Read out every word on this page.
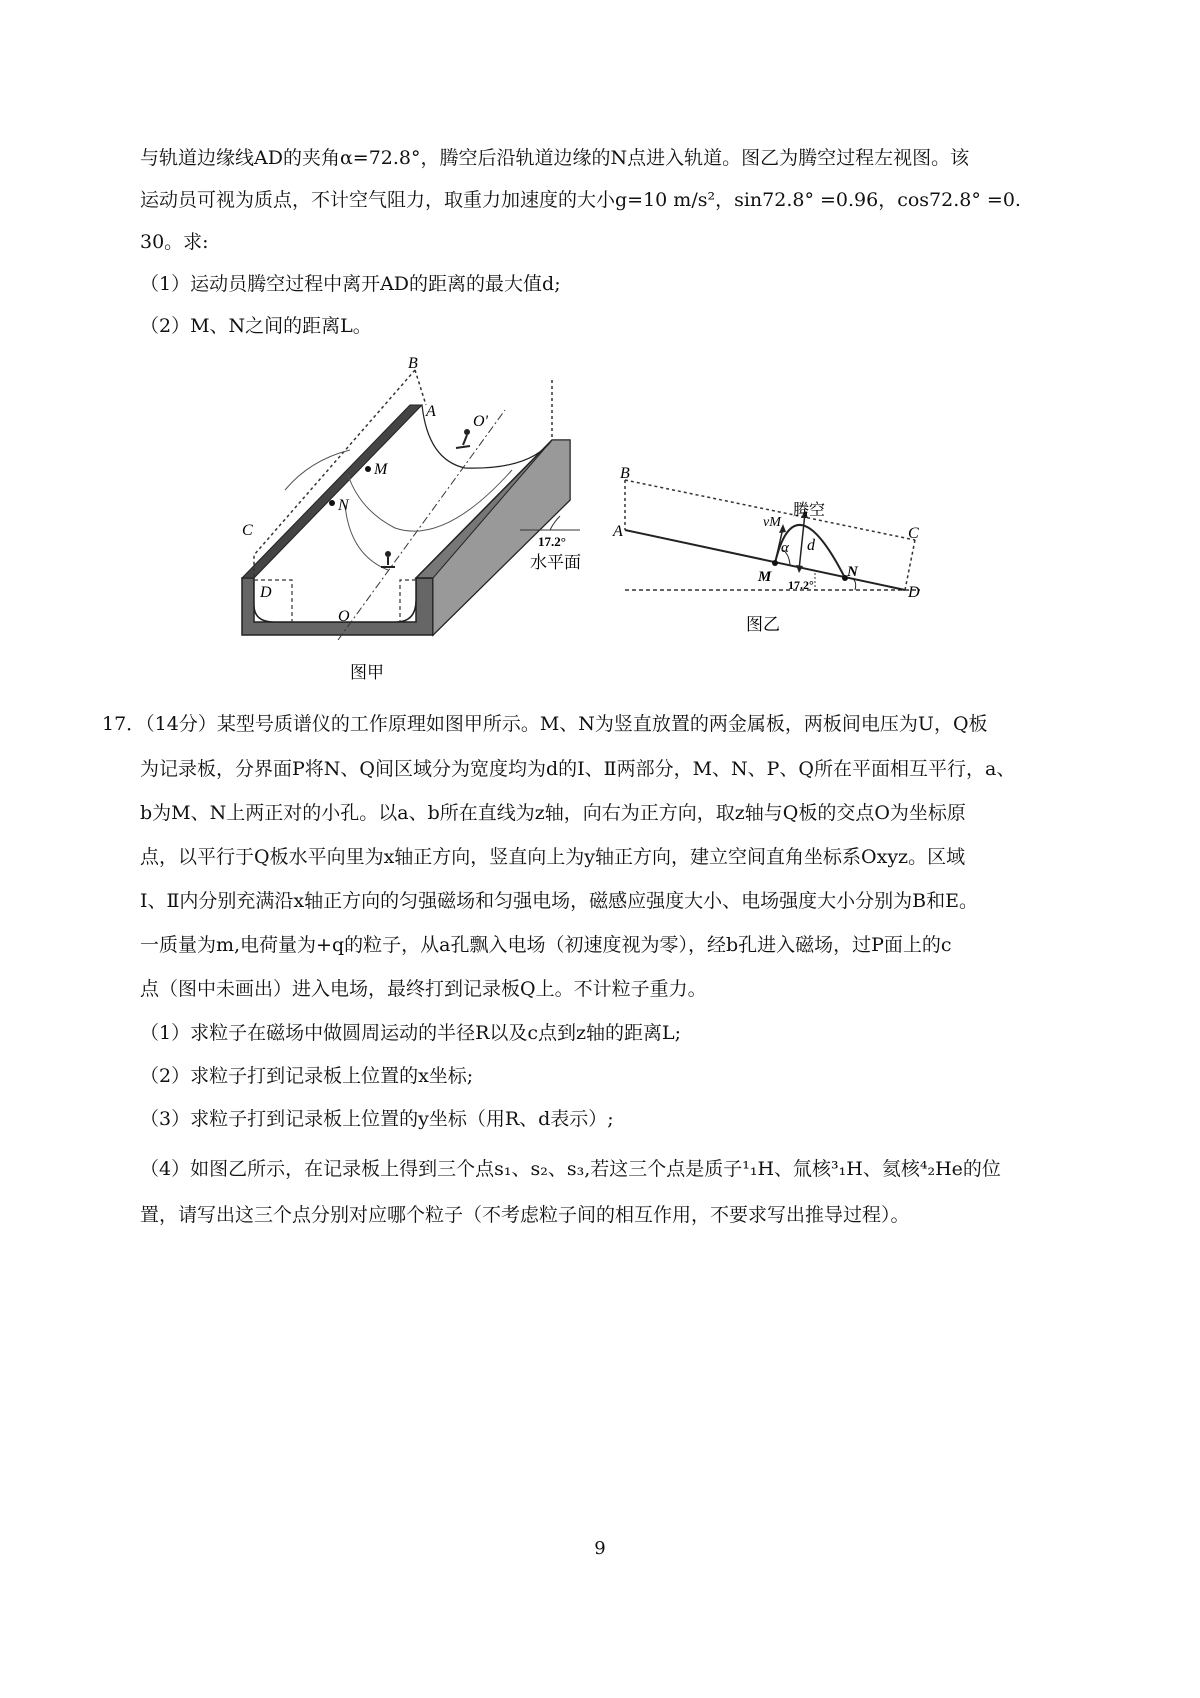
与轨道边缘线AD的夹角α=72.8°，腾空后沿轨道边缘的N点进入轨道。图乙为腾空过程左视图。该
运动员可视为质点，不计空气阻力，取重力加速度的大小g=10 m/s²，sin72.8° =0.96，cos72.8° =0.
30。求:
（1）运动员腾空过程中离开AD的距离的最大值d;
（2）M、N之间的距离L。
B
A
O'
M
N
C
D
O
17.2°
水平面
图甲
B
A	C
D
M	N
vM
α d
17.2°
腾空
图乙
17．（14分）某型号质谱仪的工作原理如图甲所示。M、N为竖直放置的两金属板，两板间电压为U，Q板
为记录板，分界面P将N、Q间区域分为宽度均为d的Ⅰ、Ⅱ两部分，M、N、P、Q所在平面相互平行，a、
b为M、N上两正对的小孔。以a、b所在直线为z轴，向右为正方向，取z轴与Q板的交点O为坐标原
点，以平行于Q板水平向里为x轴正方向，竖直向上为y轴正方向，建立空间直角坐标系Oxyz。区域
Ⅰ、Ⅱ内分别充满沿x轴正方向的匀强磁场和匀强电场，磁感应强度大小、电场强度大小分别为B和E。
一质量为m,电荷量为+q的粒子，从a孔飘入电场（初速度视为零），经b孔进入磁场，过P面上的c
点（图中未画出）进入电场，最终打到记录板Q上。不计粒子重力。
（1）求粒子在磁场中做圆周运动的半径R以及c点到z轴的距离L;
（2）求粒子打到记录板上位置的x坐标;
（3）求粒子打到记录板上位置的y坐标（用R、d表示）;
（4）如图乙所示，在记录板上得到三个点s₁、s₂、s₃,若这三个点是质子¹₁H、氚核³₁H、氦核⁴₂He的位
置，请写出这三个点分别对应哪个粒子（不考虑粒子间的相互作用，不要求写出推导过程）。
9
